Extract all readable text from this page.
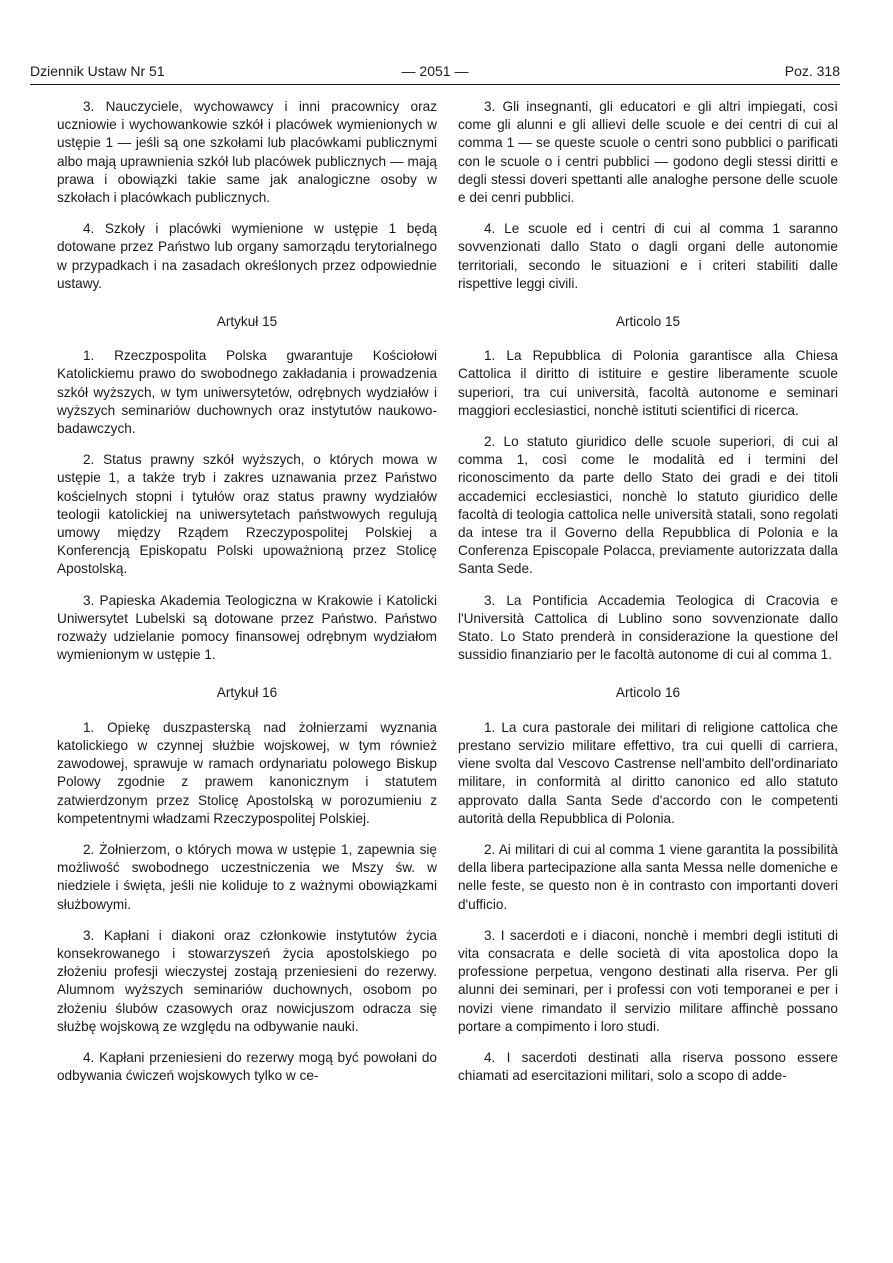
Dziennik Ustaw Nr 51	— 2051 —	Poz. 318

3. Nauczyciele, wychowawcy i inni pracownicy oraz uczniowie i wychowankowie szkół i placówek wymienionych w ustępie 1 — jeśli są one szkołami lub placówkami publicznymi albo mają uprawnienia szkół lub placówek publicznych — mają prawa i obowiązki takie same jak analogiczne osoby w szkołach i placówkach publicznych.

4. Szkoły i placówki wymienione w ustępie 1 będą dotowane przez Państwo lub organy samorządu terytorialnego w przypadkach i na zasadach określonych przez odpowiednie ustawy.

Artykuł 15

1. Rzeczpospolita Polska gwarantuje Kościołowi Katolickiemu prawo do swobodnego zakładania i prowadzenia szkół wyższych, w tym uniwersytetów, odrębnych wydziałów i wyższych seminariów duchownych oraz instytutów naukowo-badawczych.

2. Status prawny szkół wyższych, o których mowa w ustępie 1, a także tryb i zakres uznawania przez Państwo kościelnych stopni i tytułów oraz status prawny wydziałów teologii katolickiej na uniwersytetach państwowych regulują umowy między Rządem Rzeczypospolitej Polskiej a Konferencją Episkopatu Polski upoważnioną przez Stolicę Apostolską.

3. Papieska Akademia Teologiczna w Krakowie i Katolicki Uniwersytet Lubelski są dotowane przez Państwo. Państwo rozważy udzielanie pomocy finansowej odrębnym wydziałom wymienionym w ustępie 1.

Artykuł 16

1. Opiekę duszpasterską nad żołnierzami wyznania katolickiego w czynnej służbie wojskowej, w tym również zawodowej, sprawuje w ramach ordynariatu polowego Biskup Polowy zgodnie z prawem kanonicznym i statutem zatwierdzonym przez Stolicę Apostolską w porozumieniu z kompetentnymi władzami Rzeczypospolitej Polskiej.

2. Żołnierzom, o których mowa w ustępie 1, zapewnia się możliwość swobodnego uczestniczenia we Mszy św. w niedziele i święta, jeśli nie koliduje to z ważnymi obowiązkami służbowymi.

3. Kapłani i diakoni oraz członkowie instytutów życia konsekrowanego i stowarzyszeń życia apostolskiego po złożeniu profesji wieczystej zostają przeniesieni do rezerwy. Alumnom wyższych seminariów duchownych, osobom po złożeniu ślubów czasowych oraz nowicjuszom odracza się służbę wojskową ze względu na odbywanie nauki.

4. Kapłani przeniesieni do rezerwy mogą być powołani do odbywania ćwiczeń wojskowych tylko w ce-

3. Gli insegnanti, gli educatori e gli altri impiegati, così come gli alunni e gli allievi delle scuole e dei centri di cui al comma 1 — se queste scuole o centri sono pubblici o parificati con le scuole o i centri pubblici — godono degli stessi diritti e degli stessi doveri spettanti alle analoghe persone delle scuole e dei cenri pubblici.

4. Le scuole ed i centri di cui al comma 1 saranno sovvenzionati dallo Stato o dagli organi delle autonomie territoriali, secondo le situazioni e i criteri stabiliti dalle rispettive leggi civili.

Articolo 15

1. La Repubblica di Polonia garantisce alla Chiesa Cattolica il diritto di istituire e gestire liberamente scuole superiori, tra cui università, facoltà autonome e seminari maggiori ecclesiastici, nonchè istituti scientifici di ricerca.

2. Lo statuto giuridico delle scuole superiori, di cui al comma 1, così come le modalità ed i termini del riconoscimento da parte dello Stato dei gradi e dei titoli accademici ecclesiastici, nonchè lo statuto giuridico delle facoltà di teologia cattolica nelle università statali, sono regolati da intese tra il Governo della Repubblica di Polonia e la Conferenza Episcopale Polacca, previamente autorizzata dalla Santa Sede.

3. La Pontificia Accademia Teologica di Cracovia e l'Università Cattolica di Lublino sono sovvenzionate dallo Stato. Lo Stato prenderà in considerazione la questione del sussidio finanziario per le facoltà autonome di cui al comma 1.

Articolo 16

1. La cura pastorale dei militari di religione cattolica che prestano servizio militare effettivo, tra cui quelli di carriera, viene svolta dal Vescovo Castrense nell'ambito dell'ordinariato militare, in conformità al diritto canonico ed allo statuto approvato dalla Santa Sede d'accordo con le competenti autorità della Repubblica di Polonia.

2. Ai militari di cui al comma 1 viene garantita la possibilità della libera partecipazione alla santa Messa nelle domeniche e nelle feste, se questo non è in contrasto con importanti doveri d'ufficio.

3. I sacerdoti e i diaconi, nonchè i membri degli istituti di vita consacrata e delle società di vita apostolica dopo la professione perpetua, vengono destinati alla riserva. Per gli alunni dei seminari, per i professi con voti temporanei e per i novizi viene rimandato il servizio militare affinchè possano portare a compimento i loro studi.

4. I sacerdoti destinati alla riserva possono essere chiamati ad esercitazioni militari, solo a scopo di adde-
